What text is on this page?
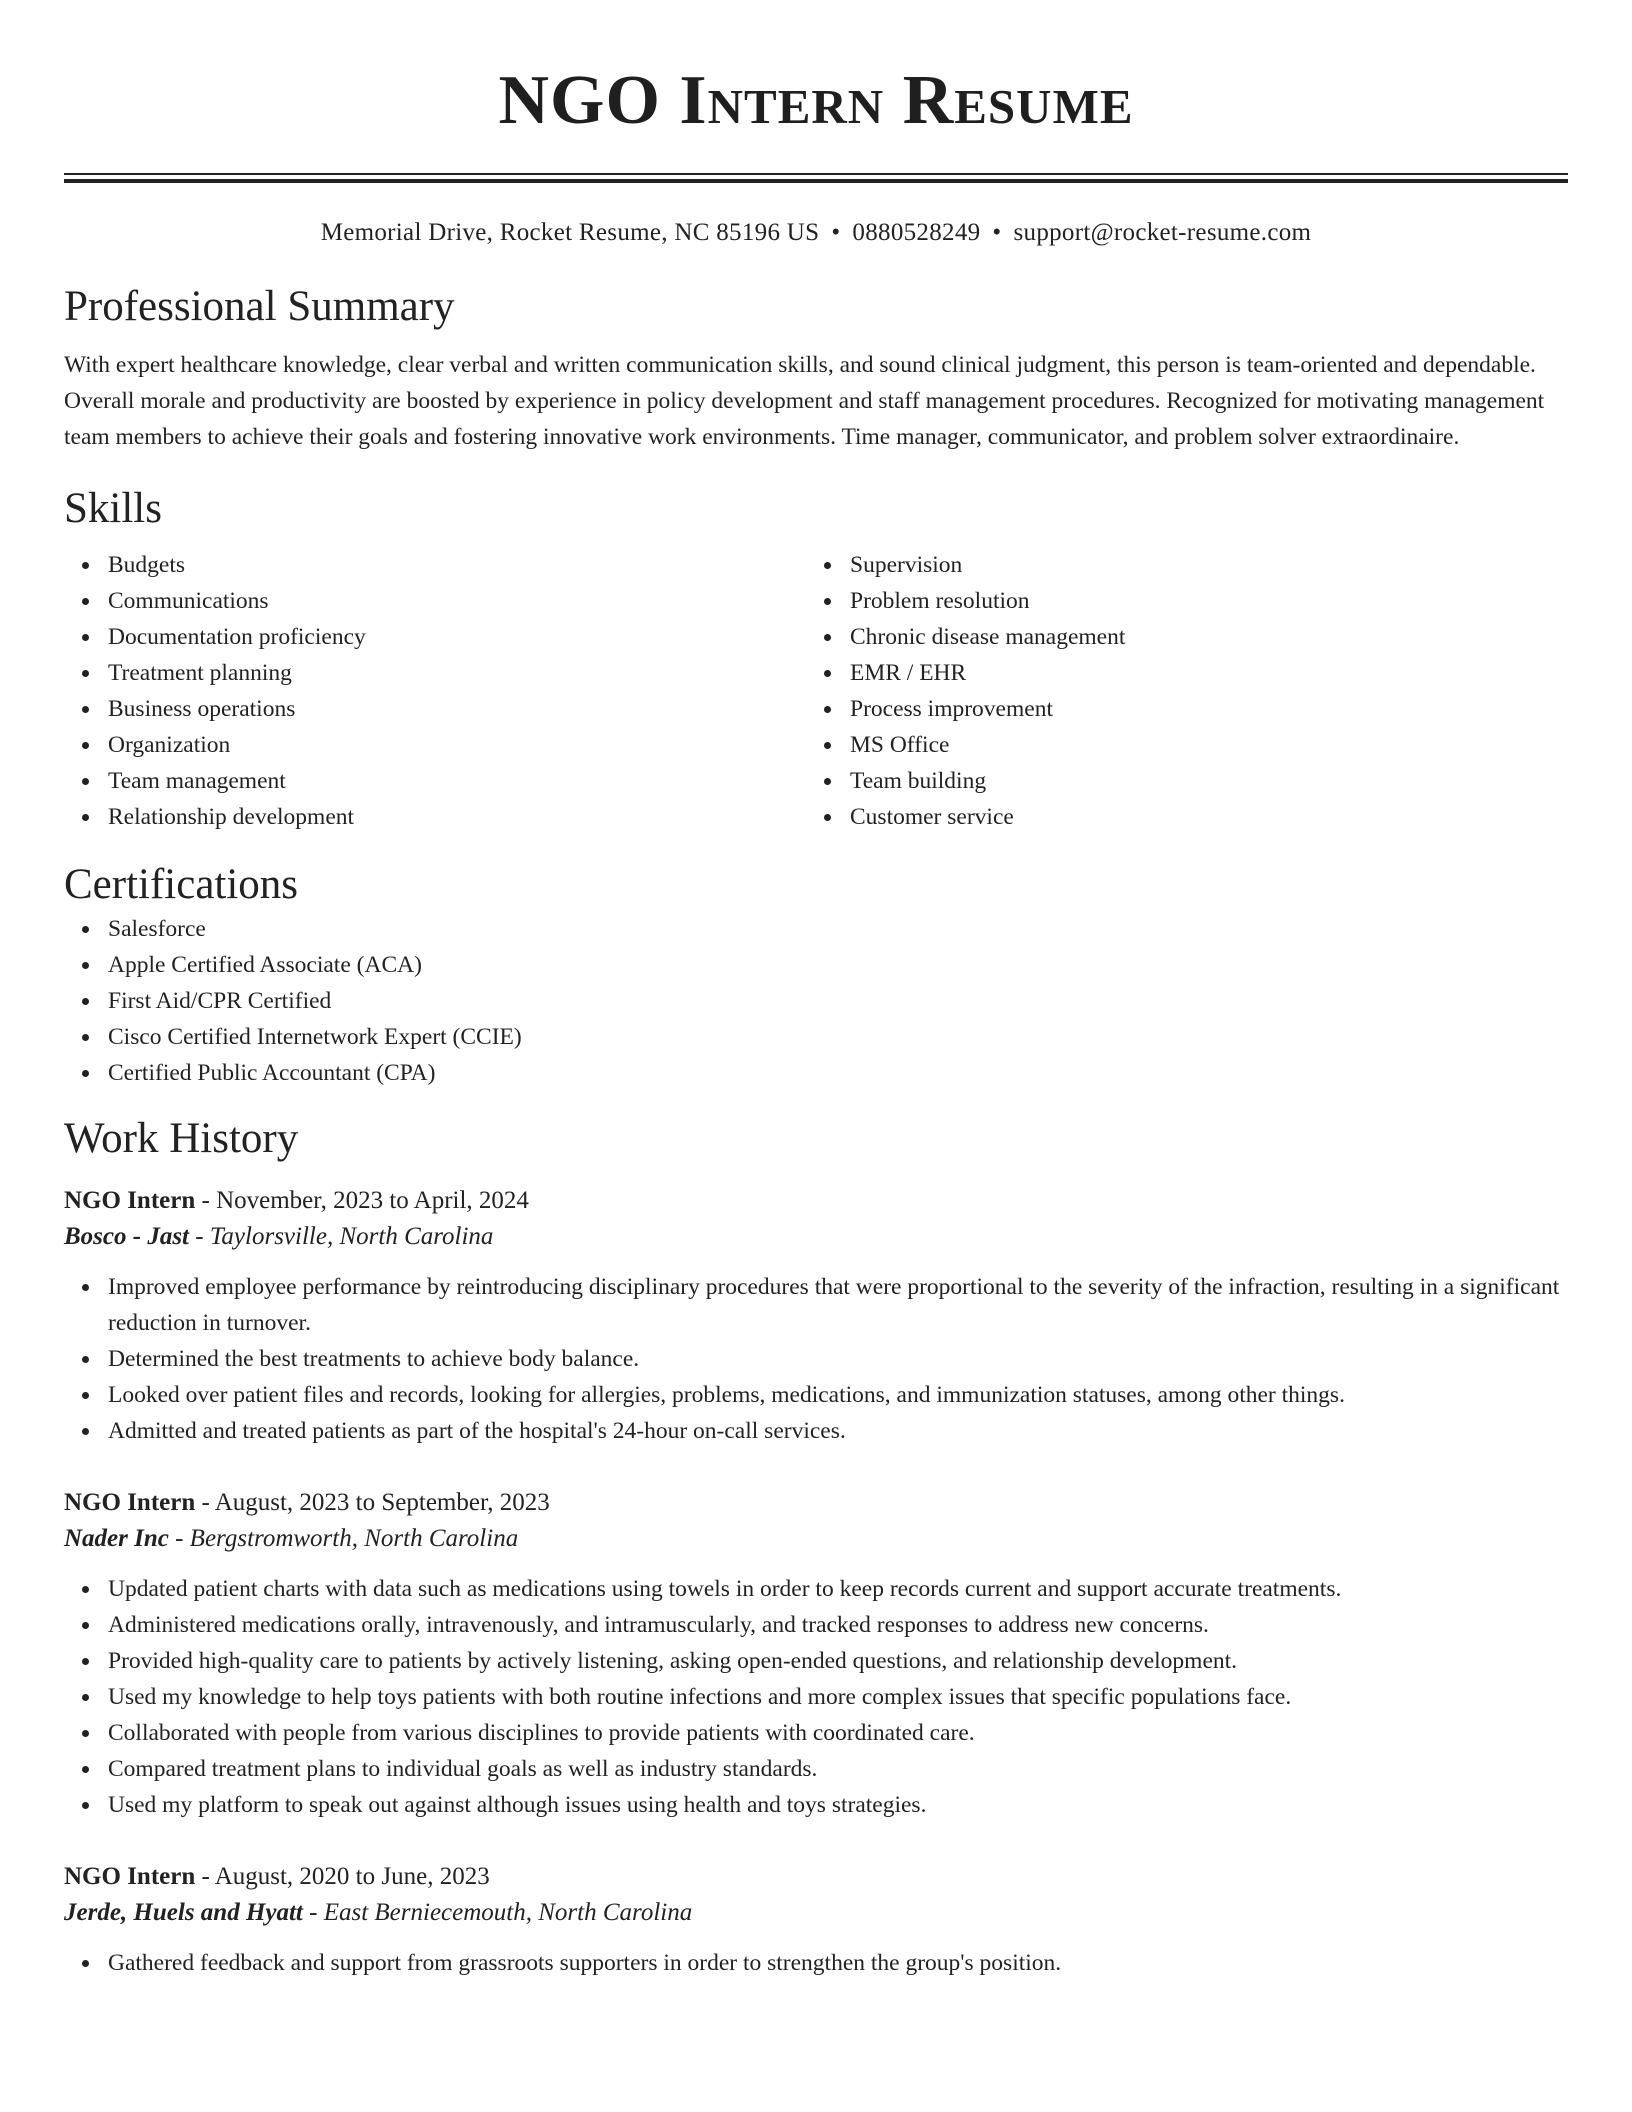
NGO Intern Resume
Memorial Drive, Rocket Resume, NC 85196 US • 0880528249 • support@rocket-resume.com
Professional Summary

With expert healthcare knowledge, clear verbal and written communication skills, and sound clinical judgment, this person is team-oriented and dependable. Overall morale and productivity are boosted by experience in policy development and staff management procedures. Recognized for motivating management team members to achieve their goals and fostering innovative work environments. Time manager, communicator, and problem solver extraordinaire.

Skills
Budgets
Communications
Documentation proficiency
Treatment planning
Business operations
Organization
Team management
Relationship development
Supervision
Problem resolution
Chronic disease management
EMR / EHR
Process improvement
MS Office
Team building
Customer service
Certifications
Salesforce
Apple Certified Associate (ACA)
First Aid/CPR Certified
Cisco Certified Internetwork Expert (CCIE)
Certified Public Accountant (CPA)
Work History
NGO Intern - November, 2023 to April, 2024
Bosco - Jast - Taylorsville, North Carolina
Improved employee performance by reintroducing disciplinary procedures that were proportional to the severity of the infraction, resulting in a significant reduction in turnover.
Determined the best treatments to achieve body balance.
Looked over patient files and records, looking for allergies, problems, medications, and immunization statuses, among other things.
Admitted and treated patients as part of the hospital's 24-hour on-call services.
NGO Intern - August, 2023 to September, 2023
Nader Inc - Bergstromworth, North Carolina
Updated patient charts with data such as medications using towels in order to keep records current and support accurate treatments.
Administered medications orally, intravenously, and intramuscularly, and tracked responses to address new concerns.
Provided high-quality care to patients by actively listening, asking open-ended questions, and relationship development.
Used my knowledge to help toys patients with both routine infections and more complex issues that specific populations face.
Collaborated with people from various disciplines to provide patients with coordinated care.
Compared treatment plans to individual goals as well as industry standards.
Used my platform to speak out against although issues using health and toys strategies.
NGO Intern - August, 2020 to June, 2023
Jerde, Huels and Hyatt - East Berniecemouth, North Carolina
Gathered feedback and support from grassroots supporters in order to strengthen the group's position.
